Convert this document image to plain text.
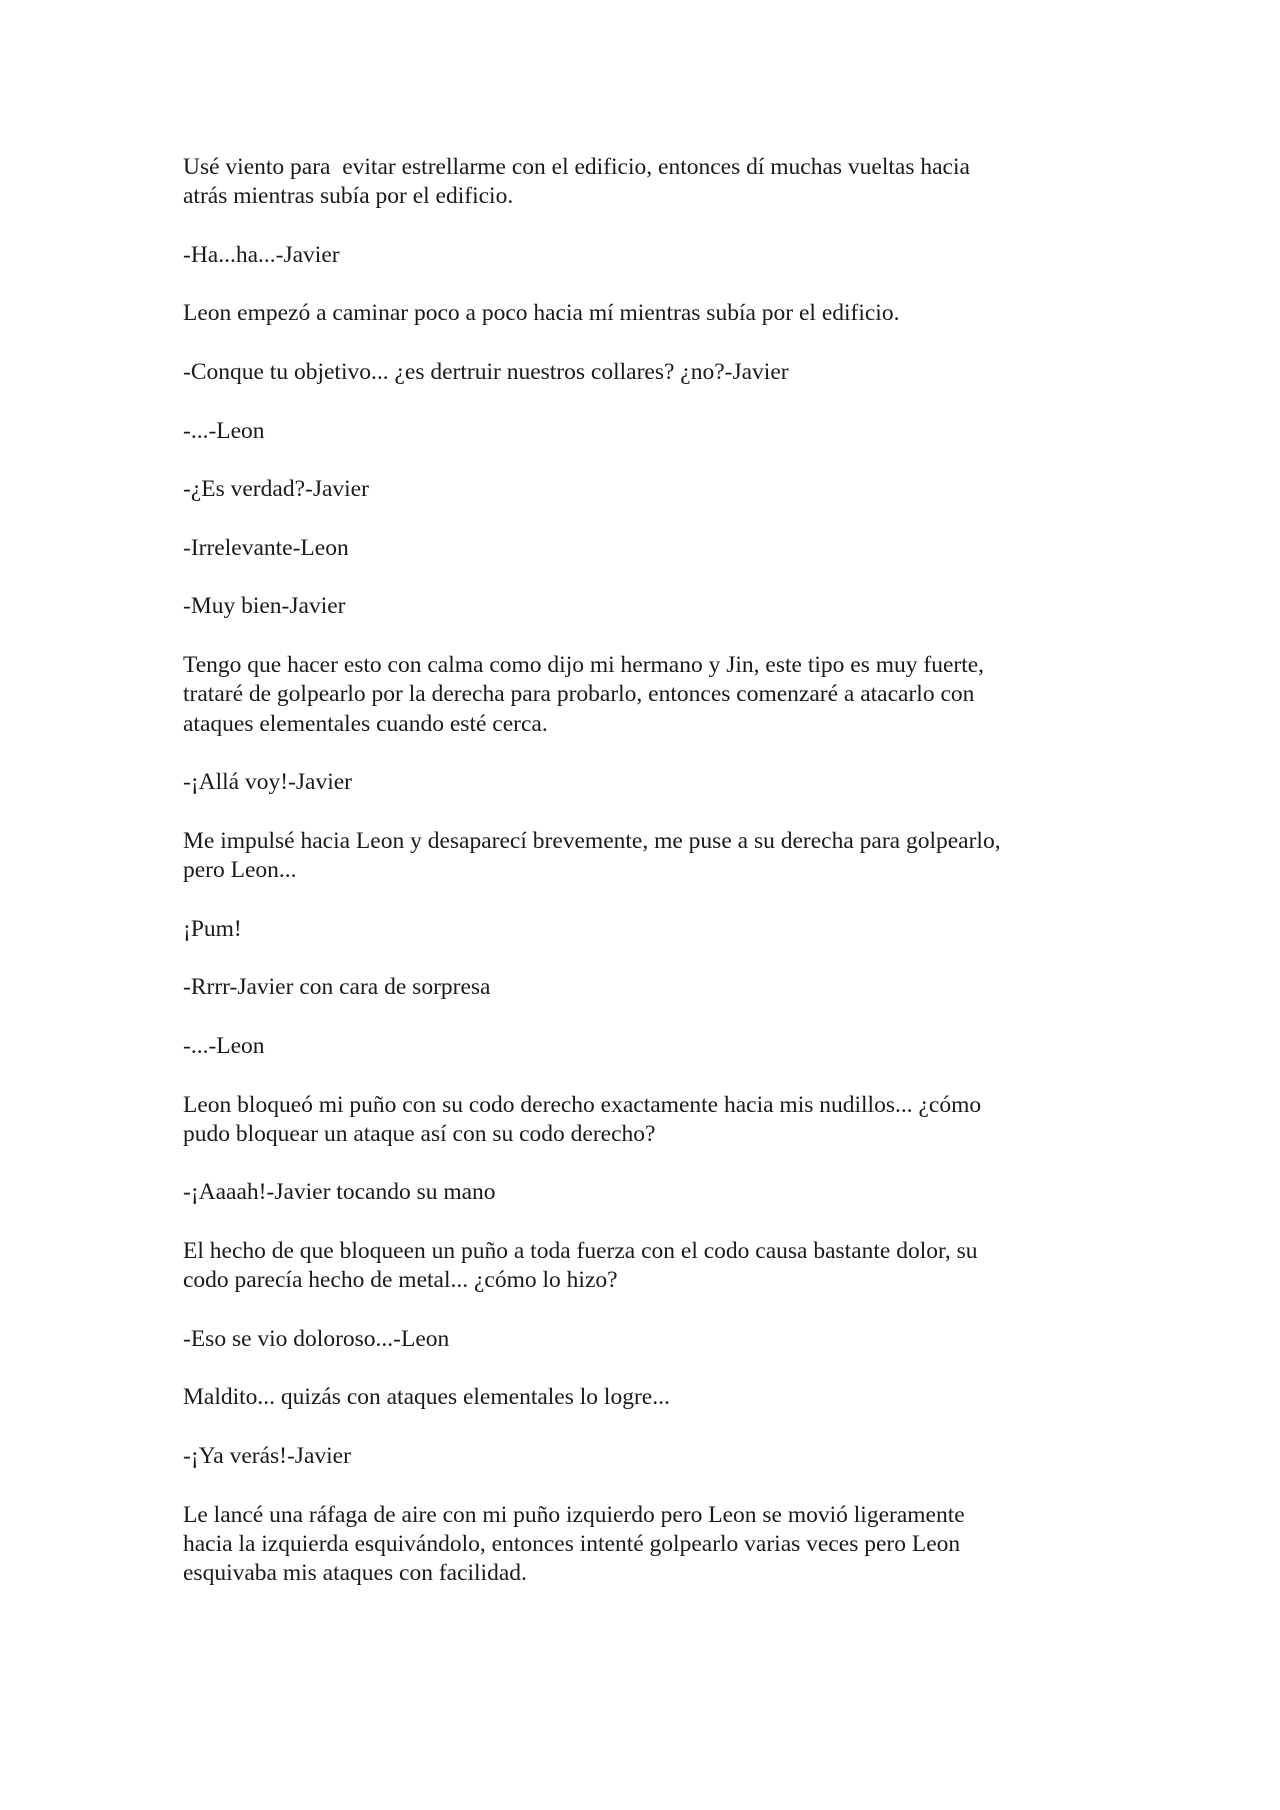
Usé viento para  evitar estrellarme con el edificio, entonces dí muchas vueltas hacia
atrás mientras subía por el edificio.

-Ha...ha...-Javier

Leon empezó a caminar poco a poco hacia mí mientras subía por el edificio.

-Conque tu objetivo... ¿es dertruir nuestros collares? ¿no?-Javier

-...-Leon

-¿Es verdad?-Javier

-Irrelevante-Leon

-Muy bien-Javier

Tengo que hacer esto con calma como dijo mi hermano y Jin, este tipo es muy fuerte,
trataré de golpearlo por la derecha para probarlo, entonces comenzaré a atacarlo con
ataques elementales cuando esté cerca.

-¡Allá voy!-Javier

Me impulsé hacia Leon y desaparecí brevemente, me puse a su derecha para golpearlo,
pero Leon...

¡Pum!

-Rrrr-Javier con cara de sorpresa

-...-Leon

Leon bloqueó mi puño con su codo derecho exactamente hacia mis nudillos... ¿cómo
pudo bloquear un ataque así con su codo derecho?

-¡Aaaah!-Javier tocando su mano

El hecho de que bloqueen un puño a toda fuerza con el codo causa bastante dolor, su
codo parecía hecho de metal... ¿cómo lo hizo?

-Eso se vio doloroso...-Leon

Maldito... quizás con ataques elementales lo logre...

-¡Ya verás!-Javier

Le lancé una ráfaga de aire con mi puño izquierdo pero Leon se movió ligeramente
hacia la izquierda esquivándolo, entonces intenté golpearlo varias veces pero Leon
esquivaba mis ataques con facilidad.
